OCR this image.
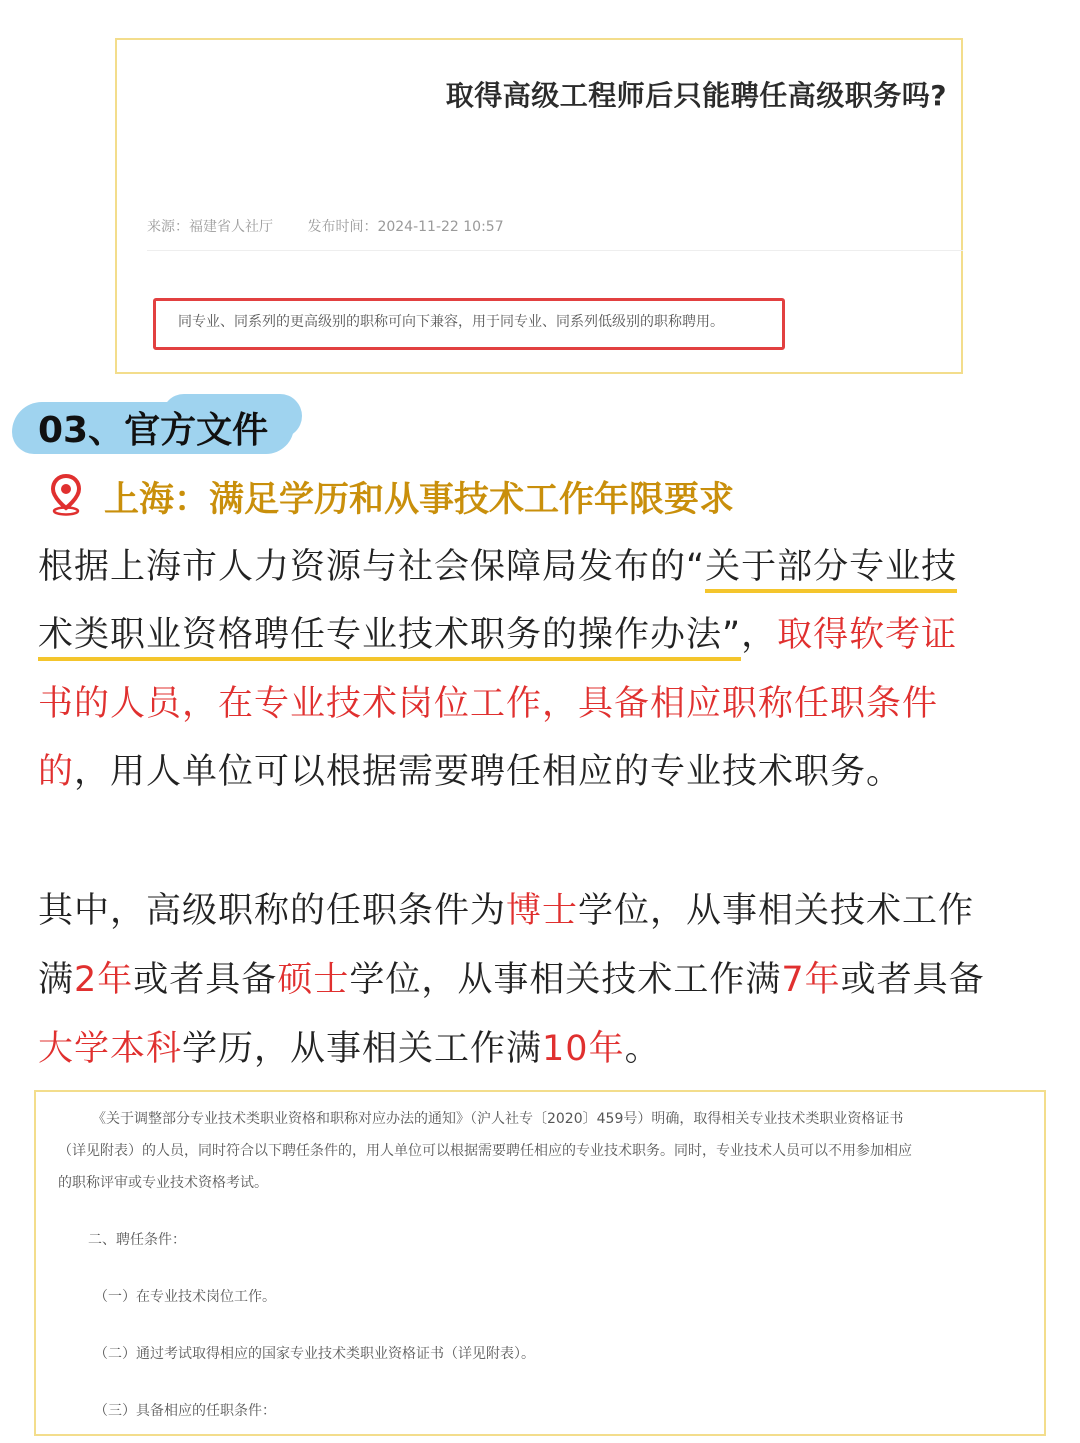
取得高级工程师后只能聘任高级职务吗?
来源：福建省人社厅 发布时间：2024-11-22 10:57
同专业、同系列的更高级别的职称可向下兼容，用于同专业、同系列低级别的职称聘用。
03、官方文件
上海：满足学历和从事技术工作年限要求
根据上海市人力资源与社会保障局发布的“关于部分专业技
术类职业资格聘任专业技术职务的操作办法”，取得软考证
书的人员，在专业技术岗位工作，具备相应职称任职条件
的，用人单位可以根据需要聘任相应的专业技术职务。
其中，高级职称的任职条件为博士学位，从事相关技术工作
满2年或者具备硕士学位，从事相关技术工作满7年或者具备
大学本科学历，从事相关工作满10年。
《关于调整部分专业技术类职业资格和职称对应办法的通知》（沪人社专〔2020〕459号）明确，取得相关专业技术类职业资格证书
（详见附表）的人员，同时符合以下聘任条件的，用人单位可以根据需要聘任相应的专业技术职务。同时，专业技术人员可以不用参加相应
的职称评审或专业技术资格考试。
二、聘任条件：
（一）在专业技术岗位工作。
（二）通过考试取得相应的国家专业技术类职业资格证书（详见附表）。
（三）具备相应的任职条件：
